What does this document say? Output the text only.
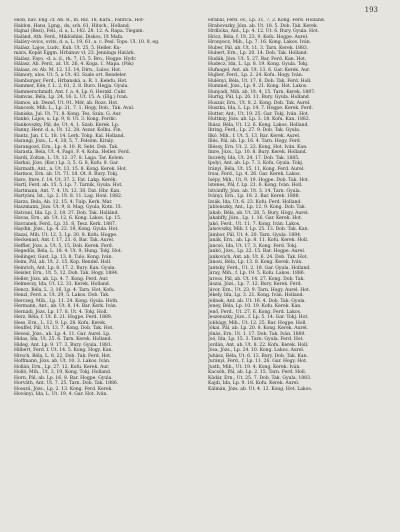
193

Hiob, nav. Eng. cf. Ab. R., m. Riz. 18, Kara., Fabrica. Hot-

Haldon, Hans, Lpng., da, sch. 61, Hitsch., Holland.

Hajnal (Bezi), Feli., d. a, L. 142. 28. 12. A. Rapa. Tiegam.

Halánd, Ath. Ferd., Miklóshlei, Diskos, Ut Mafa.

Halávy-ovics, ovits, d. a, L. 19, 61, a. c. Pesl. Topo. Ul. 10. 8, eg.

Halász, Lajos, Ludv., Kuh. Ut. 25, 5. Heller. Ku-

mára, Kopát Éggm. Hrbánuv vl, 23. Jennings Határk.

Halász, Fayo. -d. a. (l., rk. 7, 15. 5. Bro., Hogpe. Hydr.

Hálasz, Ab. Ferd., at. Ut. 26, 4. Koga. 1. Mapa. (Pok)

Halasz, ov. Ab. M. 12. 13. 14, Dirn., Lulos. Hot.

Hámory, ulos. Ut. 5, a Ut. 43. Szalo ort. Rendeler.

Hamburger, Ferd., Hrbanská, a. R. 1. Kelefu. Hot.

Hammer, Ede, f. L. 2, 61, 2. 8. Buro. Hegja. Gyula.

Hammerschmidt, Ant. f. a. 4, Lp. 6. Herakl. Cukr.

Hamvas, Béla, Lp. 24, 16. L. Ut. 15. A. (Elg.) Ivan.

Hamos, ab. Dezső, Ut. 91. Mér, ab. Rozs. Hot.

Hancsok, Mih. L., Lp. 21, 7. 1, Hogy, Dob., Tak. Aval.

Haniska, Jul. Ut. 71, 8. Kong. Tes. Szán. G. Aur.

Hankó, Lajos, u. Lp. 9, 8. Ut. 3. Kong. Ferdic.

Hankovszky, Pál, de, Ut. 4, 1. Szab. Kerek. Lp.

Hanny, Henr. d. a, Ut. 12. 28. Aszar. Kolhu. Fin.

Hantz, Jan. f. L. 18. 14. Lerk. Tokp. Kal. Holland.

Harangi, Józs., L. 4, 18, 5, 7. Felsóm. Kiraly.

Harangozó, Ern., Lp. 4. 10. R. Sebt. Dob. Tak.

Harasta, Bela, Ut. 4, Fagó, F. 4, Koha, Heller. Ferd.

Hardi, Zoltan, L. Ut. 12. 37. 8. Laga. Tar. Kolom.

Harkai, Józs. (Kor.) Lp. 3, 5. G. 8, Kofu. 8. Gar.

Harmath, Ant., a. Ut. 13, 15. 8. Kong. Kerek. Hot.

Harmos, Ern. ab. Ut. 71. 18. Ot. 8. Bury. Tokj.

Haro, Imre, f. 14. Ut. 37. 2. Fat. Lakp. Kerék.

Hartl, Ferd. ab. 15. 5. Lp. 7. Tarnik, Gyula. Hot.

Hartmann, Ant. 7. 4. Ut. 12. 38. Dat. Hbr. Kan.

Hartyáni, Ist., Lp. 2. Ut. 8. 11. Lag. Honl. 1882.

Harza, Bela, Ab. 12. 15. 4. Tulp. Kerk. Mar.

Haszmann, Józs. Ut. 9, 8. Mag. Gyula, Kotn. Ul.

Hatvani, Ida. Lp. 2. 18. 37. Dob. Tak. Hollánd.

Havas, Ern., ab. Ut. 12, 6. Kong. Lakos. Lp. 15.

Havranek, Ferd., Lp. 31. 8, Tesz. Kerk. 1887.

Haydin, Józs., Lp. 4. 22. 18, Kong. Gyula. Hot.

Hazai, Mih. Ut. 12, 3. Lp. 30. 8. Kofu. Hogpe.

Heckenast, Ant. f. 17, 21. 6, Bar. Tak. Aurel.

Heffler, Józs. a. Ut. 5, 15, Dob. Kerek. Ferd.

Hegedűs, Béla, L. 18. 4. Ut. 9, Hung. Tokj. Hot.

Heilinger, Gust. Lp. 13. 8. Tulo. Kong. Iván.

Heim, Pál, ab. Ut. 2. 15. Kop. Rendel. Holl.

Heinrich, Ant. Lp. 8. 17. 2, Bury. Kan. Gyula.

Heisler, Ern., Ut. 5, 12, Dob. Tak. Hogy. 1884.

Heller, Józs. ab. Lp. 4. 7. Kong. Ferd. Aur.

Helmeczy, Ida, Ut. 12. 31. Kerek. Holland.

Hencz, Béla, L. 3, 16, Lp. 4. Tarn. Hot. Kofu.

Henzl, Ferd. a. Ut. 29, 5. Lakos. Dob. Tak.

Herczeg, Mih., Lp. 11. 24. Kong. Gyula. Hoth.

Hermann, Ant., ab. Ut. 8, 14. Bar. Kerk. Iván.

Hernádi, Józs. Lp. 17. 8. Ut. 4. Tokj. Holl.

Herz, Béla, f. Ut. 6. 21. Hogpe. Ferd. 1889.

Hess, Ern., L. 12, 9. Lp. 28. Kofu. Kerek.

Heuffel, Pál, Ut. 13. 7. Kong. Dob. Tak. Hot.

Hevesi, Józs., ab. Lp. 4. 11. Gar. Aurel. Lp.

Hidas, Ida, Ut. 25. 6. Tarn. Kerek. Holland.

Hideg, Ant. Lp. 9. 17. 3, Bury. Gyula. 1881.

Hilbert, Ferd. f. Ut. 14. 5. Kong. Hogy. Kan.

Hirsch, Béla, L. 8, 22, Dob. Tak. Ferd. Hot.

Hoffmann, Józs. ab. Ut. 10. 3. Lakos. Iván.

Hollán, Ern., Lp. 27. 12. Kofu. Kerek. Aur.

Holló, Mih., Ut. 3, 19, Kong. Tokj. Holland.

Horn, Pál, ab. Lp. 16. 8. Bar. Hogpe. Gyula.

Horváth, Ant. Ut. 7. 25. Tarn. Dob. Tak. 1886.

Hosszú, Józs., Lp. 2. 13. Kong. Ferd. Kerek.

Hoványi, Ida, L. Ut. 19, 4. Gar. Hot. Iván.

Hrabal, Ferd. ov., Lp. 31, 7, 2. Kong. Ferd. Holland.

Hrabovszky, Józs. ab. Ut. 18. 5. Dob. Tak. Kerek.

Hrdlicka, Ant., Lp. 4. 12. Ut. 6. Bury. Gyula. Hot.

Hricz, Béla, f. Ut. 23. 9. Kofu. Hogpe. Aurel.

Hronyecz, Mih., Lp. 7. 16. Kong. Lakos. Iván.

Huber, Pál, ab. Ut. 11. 3. Tarn. Kerek. 1883.

Hubert, Ern., Lp. 20. 14. Dob. Tak. Holland.

Hudák, Józs. Ut. 5, 27, Bar. Ferd. Kan. Hot.

Hudecz, Ida, L. Lp. 8. 19. Kong. Gyula. Tokj.

Hufnagel, Ant. ab. Ut. 13. 6. Gar. Kerek. Aur.

Hujber, Ferd., Lp. 2. 24. Kofu. Hogy. Iván.

Hulényi, Béla, Ut. 17, 8, Dob. Tak. Ferd. Holl.

Hummel, Józs., Lp. 9. 21. Kong. Hot. Lakos.

Hunyadi, Mih. ab. Ut. 4, 15. Tarn. Kerek. 1887.

Hurtig, Pál, Lp. 26. 11. Bury. Gyula. Holland.

Huszár, Ern., Ut. 8. 2. Kong. Dob. Tak. Aurel.

Huszka, Ida, L. Lp. 14. 7. Hogpe. Kerek. Ferd.

Hutter, Ant., Ut. 19. 25. Gar. Tokj. Iván. Hot.

Huttkay, Józs. ab. Lp. 3. 18. Kofu. Kan. 1882.

Ihász, Béla, Ut. 12. 6. Kong. Lakos. Holland.

Ihring, Ferd., Lp. 27. 9. Dob. Tak. Gyula.

Ilkó, Mih., f. Ut. 5, 13, Bar. Kerek. Aurel.

Illés, Pál, ab. Lp. 16. 4. Tarn. Hogy. Ferd.

Illéssy, Ern. Ut. 2. 22. Kong. Hot. Iván. Kan.

Imre, Józs., Lp. 10. 8. Bury. Kerek. Holland.

Inczédy, Ida, Ut. 24. 17. Dob. Tak. 1885.

Ipolyi, Ant. ab. Lp. 7. 3. Kofu. Gyula. Tokj.

Irányi, Béla, Ut. 15, 11, Kong. Ferd. Aurel.

Irsai, Ferd., Lp. 4. 26. Gar. Kerek. Lakos.

Isépy, Mih., Ut. 9. 19. Hogpe. Dob. Tak. Hot.

Istenes, Pál, f. Lp. 21. 6. Kong. Iván. Holl.

Istvánffy, Józs. ab. Ut. 3. 14. Tarn. Gyula.

Iványi, Ern., Lp. 18. 2. Bar. Kerek. 1888.

Izsák, Ida, Ut. 6. 23. Kofu. Ferd. Holland.

Jablonszky, Ant., Lp. 12. 9. Kong. Dob. Tak.

Jakab, Béla, ab. Ut. 28, 5, Bury. Hogy. Aurel.

Jakabffy, Józs., Lp. 1. 16. Gar. Kerek. Hot.

Jakó, Ferd., Ut. 11. 7. Kong. Iván. Lakos.

Jalsovszky, Mih. f. Lp. 25. 13. Dob. Tak. Kan.

Jámbor, Pál, Ut. 4. 20. Tarn. Gyula. 1884.

Janák, Ern., ab. Lp. 8. 11. Kofu. Kerek. Holl.

Jancsó, Ida, Ut. 17, 3, Kong. Ferd. Tokj.

Jankó, Józs., Lp. 22. 15. Bar. Hogpe. Aurel.

Jankovich, Ant. ab. Ut. 6. 24. Dob. Tak. Hot.

Jánosi, Béla, Lp. 13. 8. Kong. Kerek. Iván.

Jantsky, Ferd., Ut. 2. 18. Gar. Gyula. Holland.

Járay, Mih., f. Lp. 19. 5. Kofu. Lakos. 1886.

Jaross, Pál, ab. Ut. 14. 27. Kong. Dob. Tak.

Jászai, Józs., Lp. 7. 12. Bury. Kerek. Ferd.

Jávor, Ern., Ut. 23. 9. Tarn. Hogy. Aurel. Hot.

Jékely, Ida, Lp. 3. 21. Kong. Iván. Holland.

Jelinek, Ant. ab. Ut. 16. 4. Dob. Tak. Gyula.

Jeney, Béla, Lp. 10. 19. Kofu. Kerek. Kan.

Jenő, Ferd., Ut. 27, 6, Kong. Ferd. Lakos.

Jeszenszky, Józs., f. Lp. 5. 14. Gar. Tokj. Hot.

Jobbágy, Mih., Ut. 12. 25. Bar. Hogpe. Holl.

Jókai, Pál, ab. Lp. 20. 8. Kong. Kerek. Aurel.

Jónás, Ern. Ut. 1. 17. Dob. Tak. Iván. 1889.

Joó, Ida, Lp. 15. 3. Tarn. Gyula. Ferd. Hot.

Jordán, Ant. ab. Ut. 8. 22. Kofu. Kerek. Holl.

Jósa, Józs., Lp. 24. 10. Kong. Lakos. Aurel.

Juhász, Béla, Ut. 6. 13. Bury. Dob. Tak. Kan.

Jurányi, Ferd., f. Lp. 11. 26. Gar. Hogy. Hot.

Justh, Mih., Ut. 19. 4. Kong. Kerek. Iván.

Kacsóh, Pál, ab. Lp. 2. 15. Tarn. Ferd. Holl.

Kádár, Ern., Ut. 25. 7. Dob. Tak. Gyula. 1883.

Kajdi, Ida, Lp. 9. 18. Kofu. Kerek. Aurel.

Kálmán, Józs. ab. Ut. 4. 12. Kong. Hot. Lakos.
